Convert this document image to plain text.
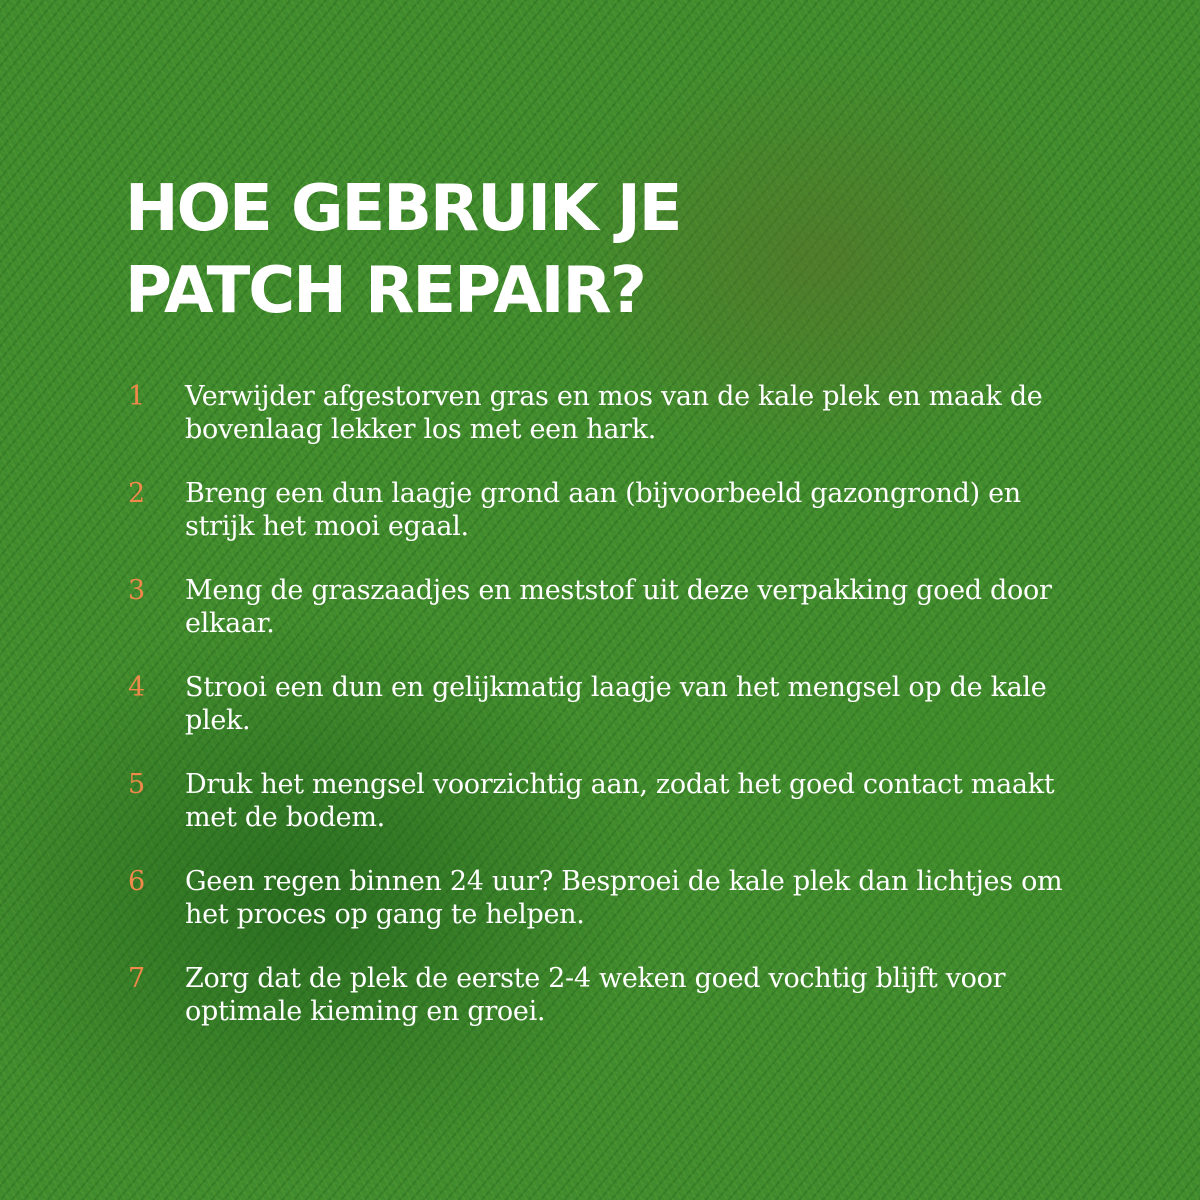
HOE GEBRUIK JE
PATCH REPAIR?
1	Verwijder afgestorven gras en mos van de kale plek en maak de bovenlaag lekker los met een hark.
2	Breng een dun laagje grond aan (bijvoorbeeld gazongrond) en strijk het mooi egaal.
3	Meng de graszaadjes en meststof uit deze verpakking goed door elkaar.
4	Strooi een dun en gelijkmatig laagje van het mengsel op de kale plek.
5	Druk het mengsel voorzichtig aan, zodat het goed contact maakt met de bodem.
6	Geen regen binnen 24 uur? Besproei de kale plek dan lichtjes om het proces op gang te helpen.
7	Zorg dat de plek de eerste 2-4 weken goed vochtig blijft voor optimale kieming en groei.
